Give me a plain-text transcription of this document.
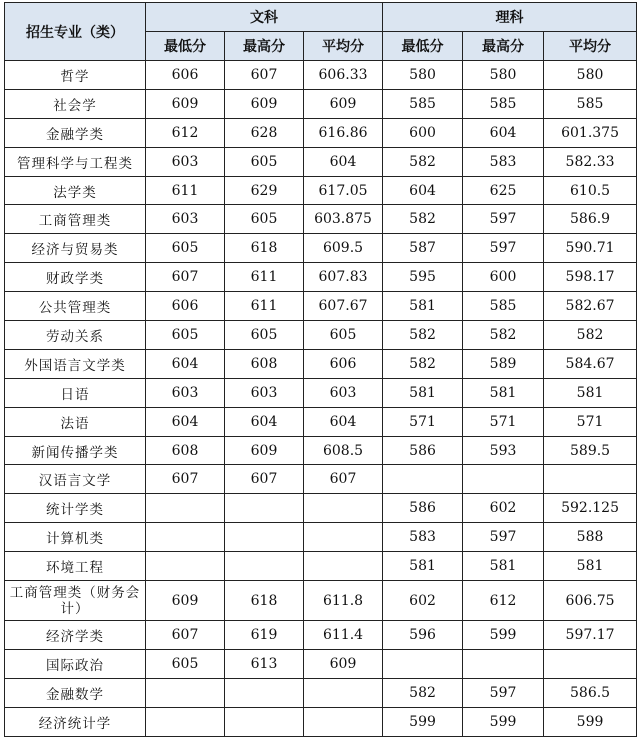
招生专业（类）	文科			理科		
	最低分	最高分	平均分	最低分	最高分	平均分
哲学	606	607	606.33	580	580	580
社会学	609	609	609	585	585	585
金融学类	612	628	616.86	600	604	601.375
管理科学与工程类	603	605	604	582	583	582.33
法学类	611	629	617.05	604	625	610.5
工商管理类	603	605	603.875	582	597	586.9
经济与贸易类	605	618	609.5	587	597	590.71
财政学类	607	611	607.83	595	600	598.17
公共管理类	606	611	607.67	581	585	582.67
劳动关系	605	605	605	582	582	582
外国语言文学类	604	608	606	582	589	584.67
日语	603	603	603	581	581	581
法语	604	604	604	571	571	571
新闻传播学类	608	609	608.5	586	593	589.5
汉语言文学	607	607	607			
统计学类				586	602	592.125
计算机类				583	597	588
环境工程				581	581	581
工商管理类（财务会计）	609	618	611.8	602	612	606.75
经济学类	607	619	611.4	596	599	597.17
国际政治	605	613	609			
金融数学				582	597	586.5
经济统计学				599	599	599
